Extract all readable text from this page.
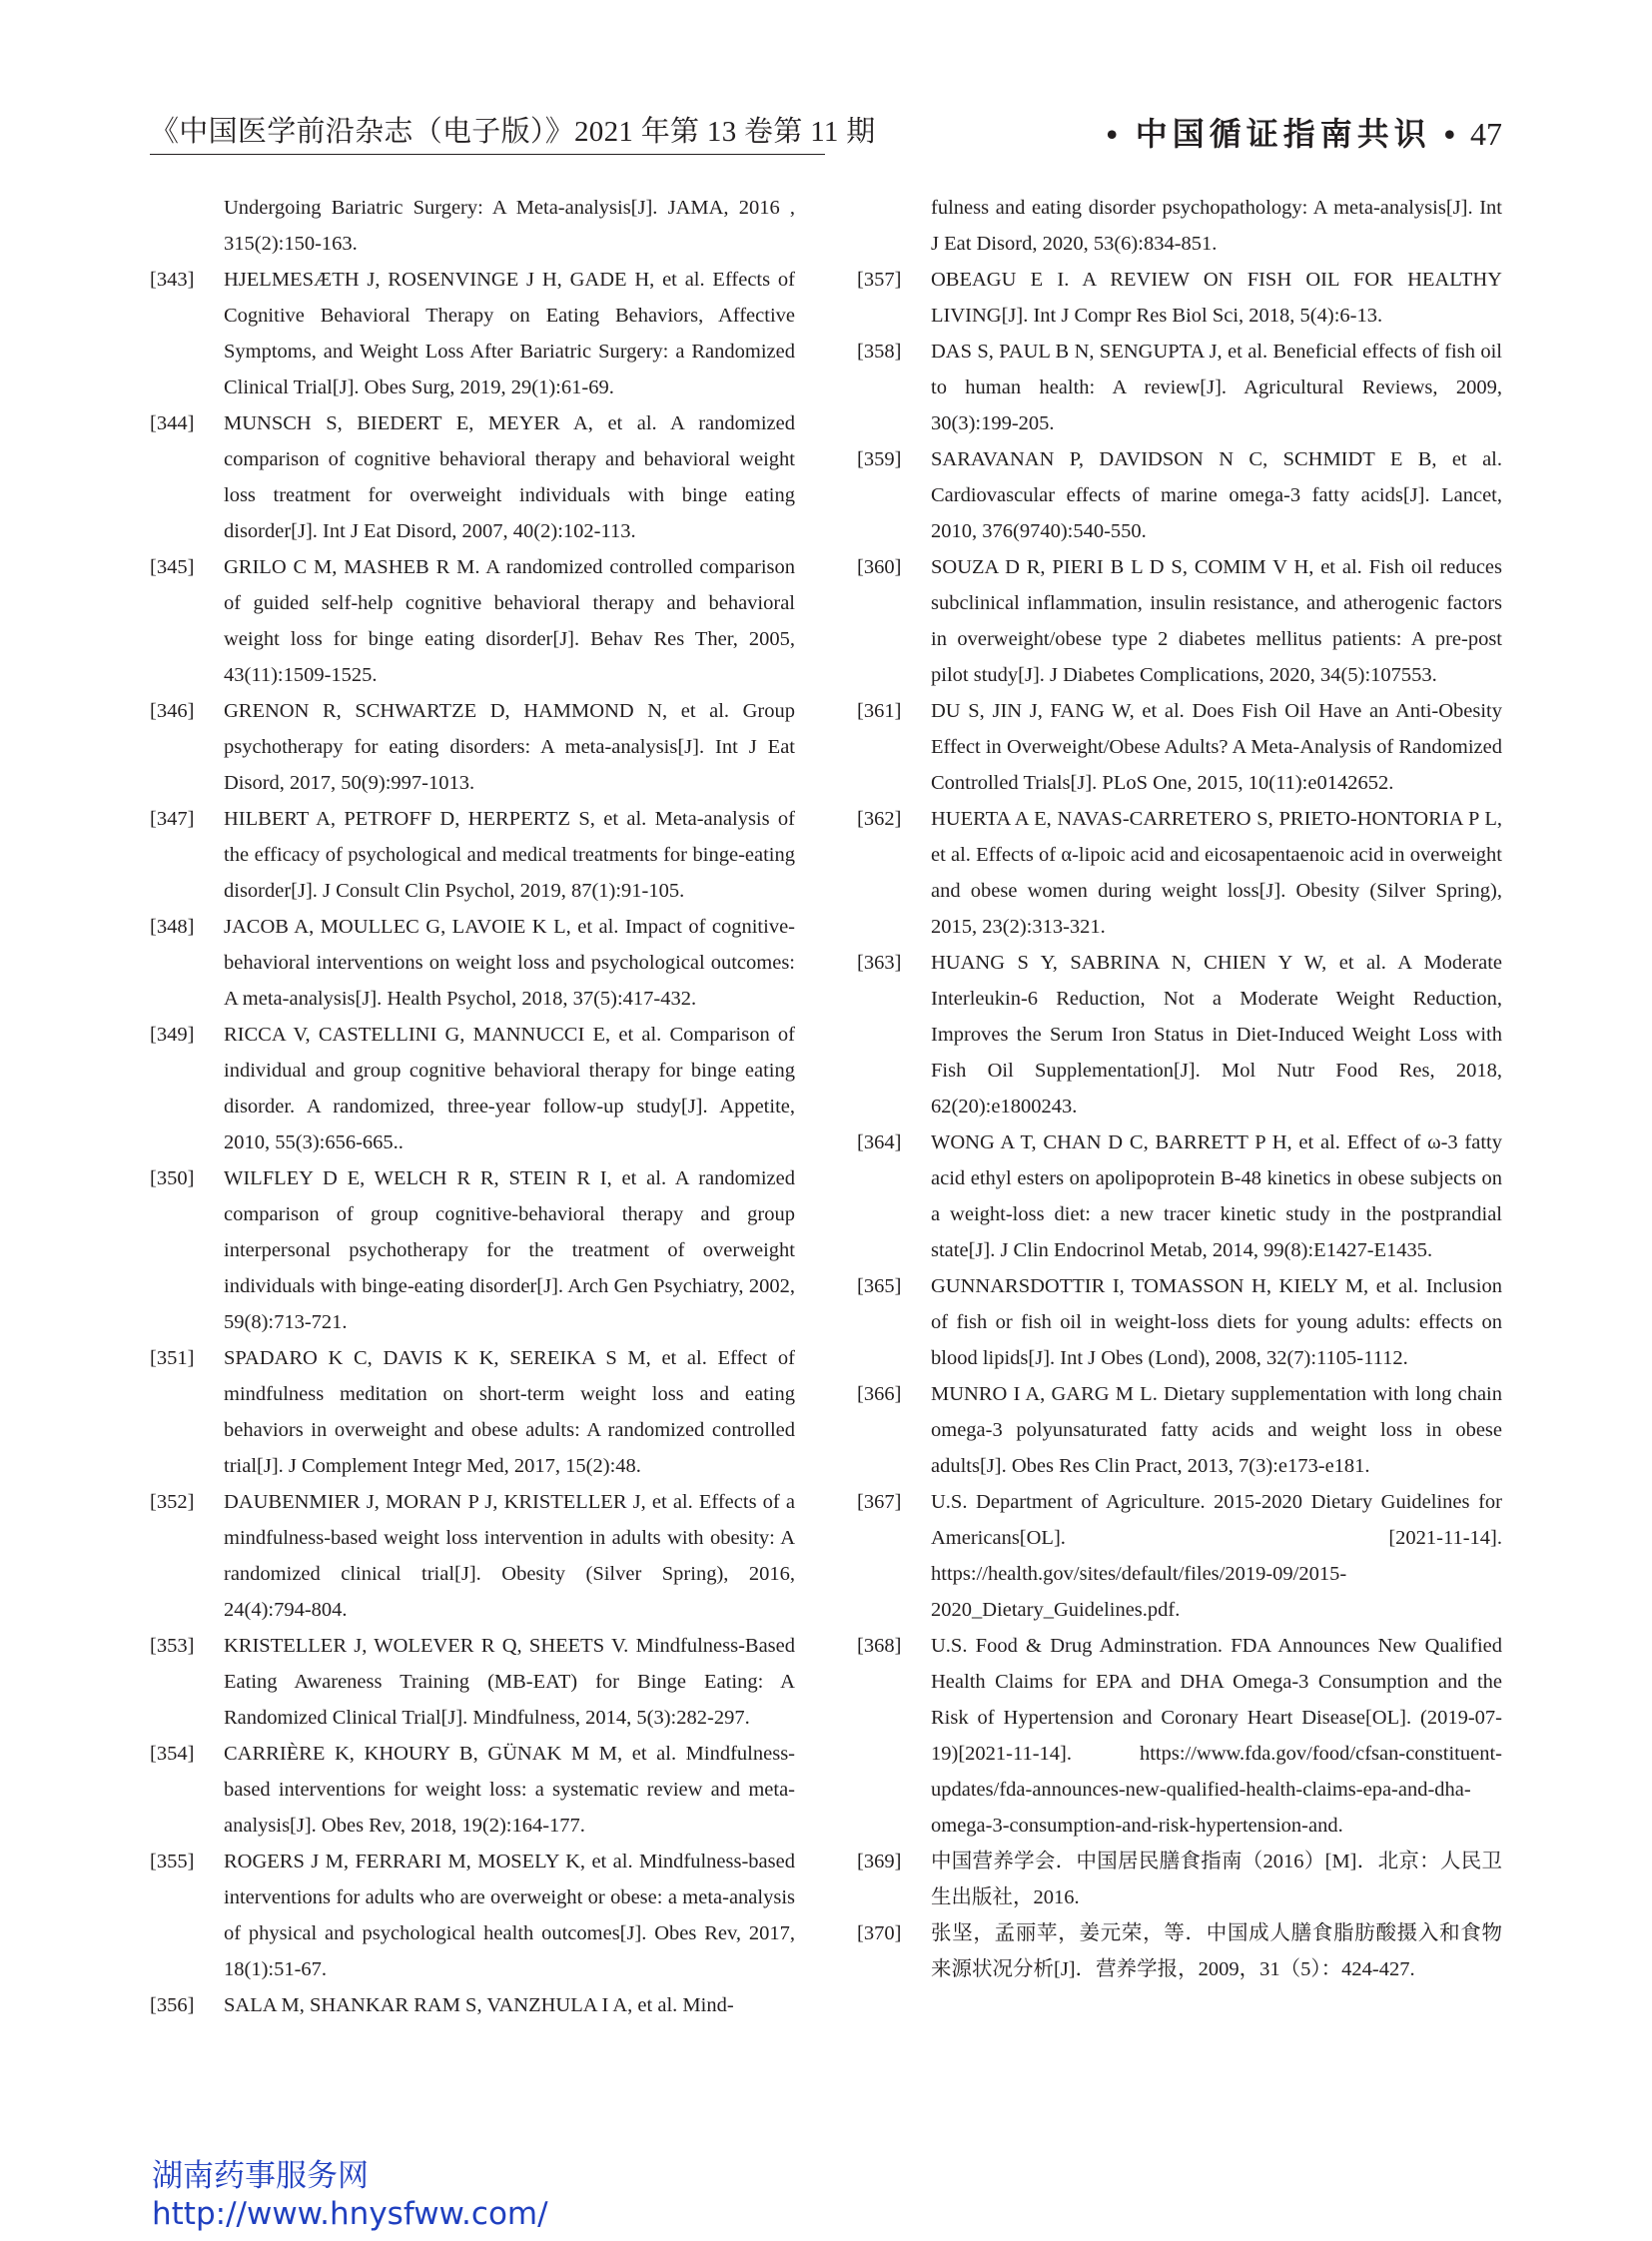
《中国医学前沿杂志（电子版）》2021 年第 13 卷第 11 期	• 中国循证指南共识 • 47
Undergoing Bariatric Surgery: A Meta-analysis[J]. JAMA, 2016 , 315(2):150-163.
[343] HJELMESÆTH J, ROSENVINGE J H, GADE H, et al. Effects of Cognitive Behavioral Therapy on Eating Behaviors, Affective Symptoms, and Weight Loss After Bariatric Surgery: a Randomized Clinical Trial[J]. Obes Surg, 2019, 29(1):61-69.
[344] MUNSCH S, BIEDERT E, MEYER A, et al. A randomized comparison of cognitive behavioral therapy and behavioral weight loss treatment for overweight individuals with binge eating disorder[J]. Int J Eat Disord, 2007, 40(2):102-113.
[345] GRILO C M, MASHEB R M. A randomized controlled comparison of guided self-help cognitive behavioral therapy and behavioral weight loss for binge eating disorder[J]. Behav Res Ther, 2005, 43(11):1509-1525.
[346] GRENON R, SCHWARTZE D, HAMMOND N, et al. Group psychotherapy for eating disorders: A meta-analysis[J]. Int J Eat Disord, 2017, 50(9):997-1013.
[347] HILBERT A, PETROFF D, HERPERTZ S, et al. Meta-analysis of the efficacy of psychological and medical treatments for binge-eating disorder[J]. J Consult Clin Psychol, 2019, 87(1):91-105.
[348] JACOB A, MOULLEC G, LAVOIE K L, et al. Impact of cognitive-behavioral interventions on weight loss and psychological outcomes: A meta-analysis[J]. Health Psychol, 2018, 37(5):417-432.
[349] RICCA V, CASTELLINI G, MANNUCCI E, et al. Comparison of individual and group cognitive behavioral therapy for binge eating disorder. A randomized, three-year follow-up study[J]. Appetite, 2010, 55(3):656-665..
[350] WILFLEY D E, WELCH R R, STEIN R I, et al. A randomized comparison of group cognitive-behavioral therapy and group interpersonal psychotherapy for the treatment of overweight individuals with binge-eating disorder[J]. Arch Gen Psychiatry, 2002, 59(8):713-721.
[351] SPADARO K C, DAVIS K K, SEREIKA S M, et al. Effect of mindfulness meditation on short-term weight loss and eating behaviors in overweight and obese adults: A randomized controlled trial[J]. J Complement Integr Med, 2017, 15(2):48.
[352] DAUBENMIER J, MORAN P J, KRISTELLER J, et al. Effects of a mindfulness-based weight loss intervention in adults with obesity: A randomized clinical trial[J]. Obesity (Silver Spring), 2016, 24(4):794-804.
[353] KRISTELLER J, WOLEVER R Q, SHEETS V. Mindfulness-Based Eating Awareness Training (MB-EAT) for Binge Eating: A Randomized Clinical Trial[J]. Mindfulness, 2014, 5(3):282-297.
[354] CARRIÈRE K, KHOURY B, GÜNAK M M, et al. Mindfulness-based interventions for weight loss: a systematic review and meta-analysis[J]. Obes Rev, 2018, 19(2):164-177.
[355] ROGERS J M, FERRARI M, MOSELY K, et al. Mindfulness-based interventions for adults who are overweight or obese: a meta-analysis of physical and psychological health outcomes[J]. Obes Rev, 2017, 18(1):51-67.
[356] SALA M, SHANKAR RAM S, VANZHULA I A, et al. Mind-
fulness and eating disorder psychopathology: A meta-analysis[J]. Int J Eat Disord, 2020, 53(6):834-851.
[357] OBEAGU E I. A REVIEW ON FISH OIL FOR HEALTHY LIVING[J]. Int J Compr Res Biol Sci, 2018, 5(4):6-13.
[358] DAS S, PAUL B N, SENGUPTA J, et al. Beneficial effects of fish oil to human health: A review[J]. Agricultural Reviews, 2009, 30(3):199-205.
[359] SARAVANAN P, DAVIDSON N C, SCHMIDT E B, et al. Cardiovascular effects of marine omega-3 fatty acids[J]. Lancet, 2010, 376(9740):540-550.
[360] SOUZA D R, PIERI B L D S, COMIM V H, et al. Fish oil reduces subclinical inflammation, insulin resistance, and atherogenic factors in overweight/obese type 2 diabetes mellitus patients: A pre-post pilot study[J]. J Diabetes Complications, 2020, 34(5):107553.
[361] DU S, JIN J, FANG W, et al. Does Fish Oil Have an Anti-Obesity Effect in Overweight/Obese Adults? A Meta-Analysis of Randomized Controlled Trials[J]. PLoS One, 2015, 10(11):e0142652.
[362] HUERTA A E, NAVAS-CARRETERO S, PRIETO-HONTORIA P L, et al. Effects of α-lipoic acid and eicosapentaenoic acid in overweight and obese women during weight loss[J]. Obesity (Silver Spring), 2015, 23(2):313-321.
[363] HUANG S Y, SABRINA N, CHIEN Y W, et al. A Moderate Interleukin-6 Reduction, Not a Moderate Weight Reduction, Improves the Serum Iron Status in Diet-Induced Weight Loss with Fish Oil Supplementation[J]. Mol Nutr Food Res, 2018, 62(20):e1800243.
[364] WONG A T, CHAN D C, BARRETT P H, et al. Effect of ω-3 fatty acid ethyl esters on apolipoprotein B-48 kinetics in obese subjects on a weight-loss diet: a new tracer kinetic study in the postprandial state[J]. J Clin Endocrinol Metab, 2014, 99(8):E1427-E1435.
[365] GUNNARSDOTTIR I, TOMASSON H, KIELY M, et al. Inclusion of fish or fish oil in weight-loss diets for young adults: effects on blood lipids[J]. Int J Obes (Lond), 2008, 32(7):1105-1112.
[366] MUNRO I A, GARG M L. Dietary supplementation with long chain omega-3 polyunsaturated fatty acids and weight loss in obese adults[J]. Obes Res Clin Pract, 2013, 7(3):e173-e181.
[367] U.S. Department of Agriculture. 2015-2020 Dietary Guidelines for Americans[OL]. [2021-11-14]. https://health.gov/sites/default/files/2019-09/2015-2020_Dietary_Guidelines.pdf.
[368] U.S. Food & Drug Adminstration. FDA Announces New Qualified Health Claims for EPA and DHA Omega-3 Consumption and the Risk of Hypertension and Coronary Heart Disease[OL]. (2019-07-19)[2021-11-14]. https://www.fda.gov/food/cfsan-constituent-updates/fda-announces-new-qualified-health-claims-epa-and-dha-omega-3-consumption-and-risk-hypertension-and.
[369] 中国营养学会．中国居民膳食指南（2016）[M]．北京：人民卫生出版社，2016.
[370] 张坚，孟丽苹，姜元荣，等．中国成人膳食脂肪酸摄入和食物来源状况分析[J]．营养学报，2009，31（5）：424-427.
湖南药事服务网
http://www.hnysfww.com/
